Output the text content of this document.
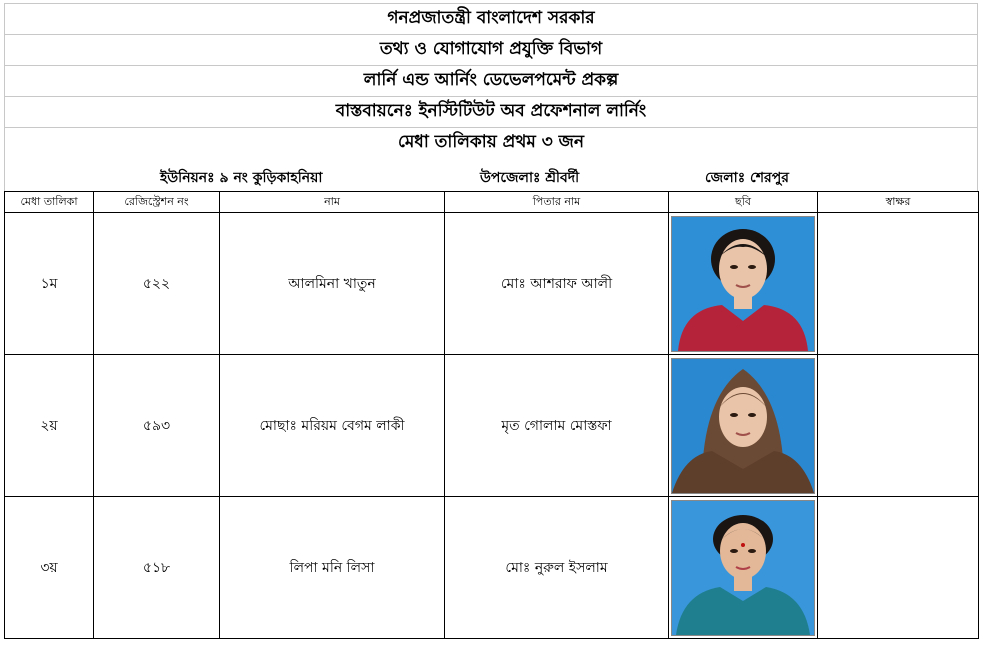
গনপ্রজাতন্ত্রী বাংলাদেশ সরকার
তথ্য ও যোগাযোগ প্রযুক্তি বিভাগ
লার্নি এন্ড আর্নিং ডেভেলপমেন্ট প্রকল্প
বাস্তবায়নেঃ ইনস্টিটিউট অব প্রফেশনাল লার্নিং
মেধা তালিকায় প্রথম ৩ জন
ইউনিয়নঃ ৯ নং কুড়িকাহনিয়া	উপজেলাঃ শ্রীবর্দী	জেলাঃ শেরপুর
মেধা তালিকা	রেজিস্ট্রেশন নং	নাম	পিতার নাম	ছবি	স্বাক্ষর
১ম	৫২২	আলমিনা খাতুন	মোঃ আশরাফ আলী	

২য়	৫৯৩	মোছাঃ মরিয়ম বেগম লাকী	মৃত গোলাম মোস্তফা	

৩য়	৫১৮	লিপা মনি লিসা	মোঃ নুরুল ইসলাম	
